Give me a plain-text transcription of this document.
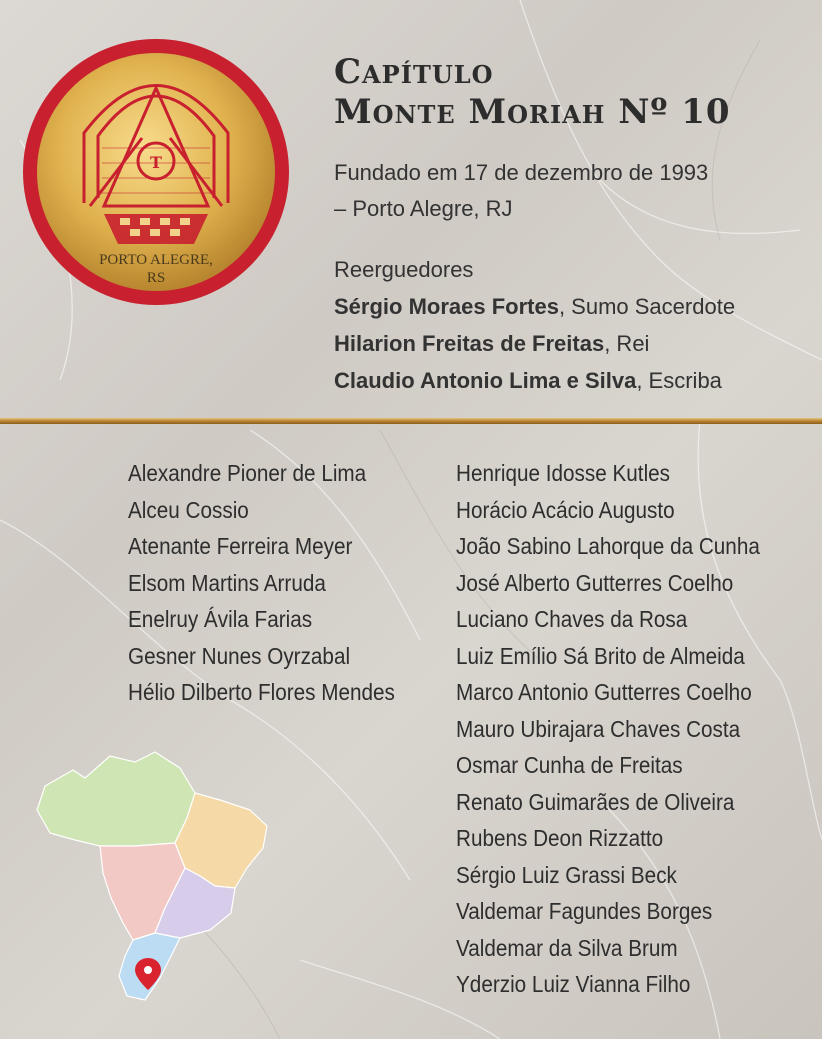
T
PORTO ALEGRE,
RS
Capítulo
Monte Moriah Nº 10
Fundado em 17 de dezembro de 1993
– Porto Alegre, RJ
Reerguedores
Sérgio Moraes Fortes, Sumo Sacerdote
Hilarion Freitas de Freitas, Rei
Claudio Antonio Lima e Silva, Escriba
Alexandre Pioner de Lima
Alceu Cossio
Atenante Ferreira Meyer
Elsom Martins Arruda
Enelruy Ávila Farias
Gesner Nunes Oyrzabal
Hélio Dilberto Flores Mendes
Henrique Idosse Kutles
Horácio Acácio Augusto
João Sabino Lahorque da Cunha
José Alberto Gutterres Coelho
Luciano Chaves da Rosa
Luiz Emílio Sá Brito de Almeida
Marco Antonio Gutterres Coelho
Mauro Ubirajara Chaves Costa
Osmar Cunha de Freitas
Renato Guimarães de Oliveira
Rubens Deon Rizzatto
Sérgio Luiz Grassi Beck
Valdemar Fagundes Borges
Valdemar da Silva Brum
Yderzio Luiz Vianna Filho
